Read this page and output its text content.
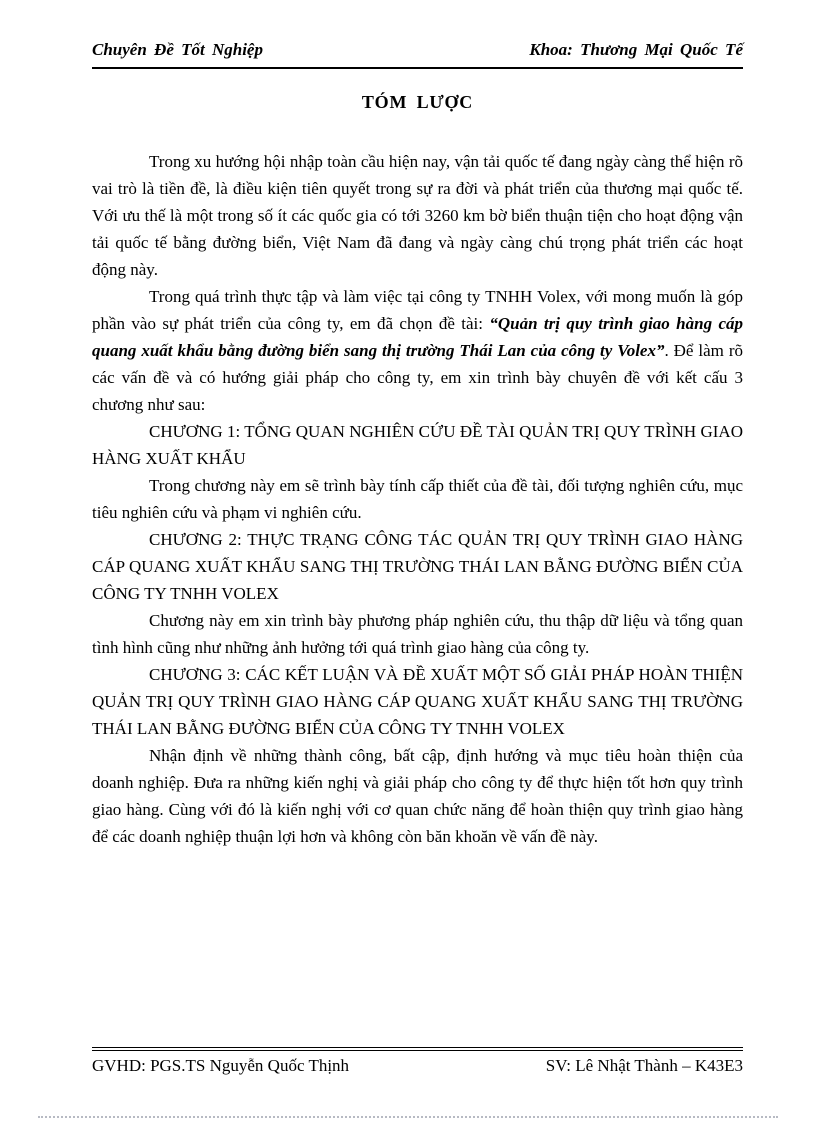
Chuyên Đề Tốt Nghiệp	Khoa: Thương Mại Quốc Tế
TÓM LƯỢC

Trong xu hướng hội nhập toàn cầu hiện nay, vận tải quốc tế đang ngày càng thể hiện rõ vai trò là tiền đề, là điều kiện tiên quyết trong sự ra đời và phát triển của thương mại quốc tế. Với ưu thế là một trong số ít các quốc gia có tới 3260 km bờ biển thuận tiện cho hoạt động vận tải quốc tế bằng đường biển, Việt Nam đã đang và ngày càng chú trọng phát triển các hoạt động này.

Trong quá trình thực tập và làm việc tại công ty TNHH Volex, với mong muốn là góp phần vào sự phát triển của công ty, em đã chọn đề tài: “Quản trị quy trình giao hàng cáp quang xuất khẩu bằng đường biển sang thị trường Thái Lan của công ty Volex”. Để làm rõ các vấn đề và có hướng giải pháp cho công ty, em xin trình bày chuyên đề với kết cấu 3 chương như sau:

CHƯƠNG 1: TỔNG QUAN NGHIÊN CỨU ĐỀ TÀI QUẢN TRỊ QUY TRÌNH GIAO HÀNG XUẤT KHẨU

Trong chương này em sẽ trình bày tính cấp thiết của đề tài, đối tượng nghiên cứu, mục tiêu nghiên cứu và phạm vi nghiên cứu.

CHƯƠNG 2: THỰC TRẠNG CÔNG TÁC QUẢN TRỊ QUY TRÌNH GIAO HÀNG CÁP QUANG XUẤT KHẨU SANG THỊ TRƯỜNG THÁI LAN BẰNG ĐƯỜNG BIỂN CỦA CÔNG TY TNHH VOLEX

Chương này em xin trình bày phương pháp nghiên cứu, thu thập dữ liệu và tổng quan tình hình cũng như những ảnh hưởng tới quá trình giao hàng của công ty.

CHƯƠNG 3: CÁC KẾT LUẬN VÀ ĐỀ XUẤT MỘT SỐ GIẢI PHÁP HOÀN THIỆN QUẢN TRỊ QUY TRÌNH GIAO HÀNG CÁP QUANG XUẤT KHẨU SANG THỊ TRƯỜNG THÁI LAN BẰNG ĐƯỜNG BIỂN CỦA CÔNG TY TNHH VOLEX

Nhận định về những thành công, bất cập, định hướng và mục tiêu hoàn thiện của doanh nghiệp. Đưa ra những kiến nghị và giải pháp cho công ty để thực hiện tốt hơn quy trình giao hàng. Cùng với đó là kiến nghị với cơ quan chức năng để hoàn thiện quy trình giao hàng để các doanh nghiệp thuận lợi hơn và không còn băn khoăn về vấn đề này.

GVHD: PGS.TS Nguyễn Quốc Thịnh	SV: Lê Nhật Thành – K43E3
